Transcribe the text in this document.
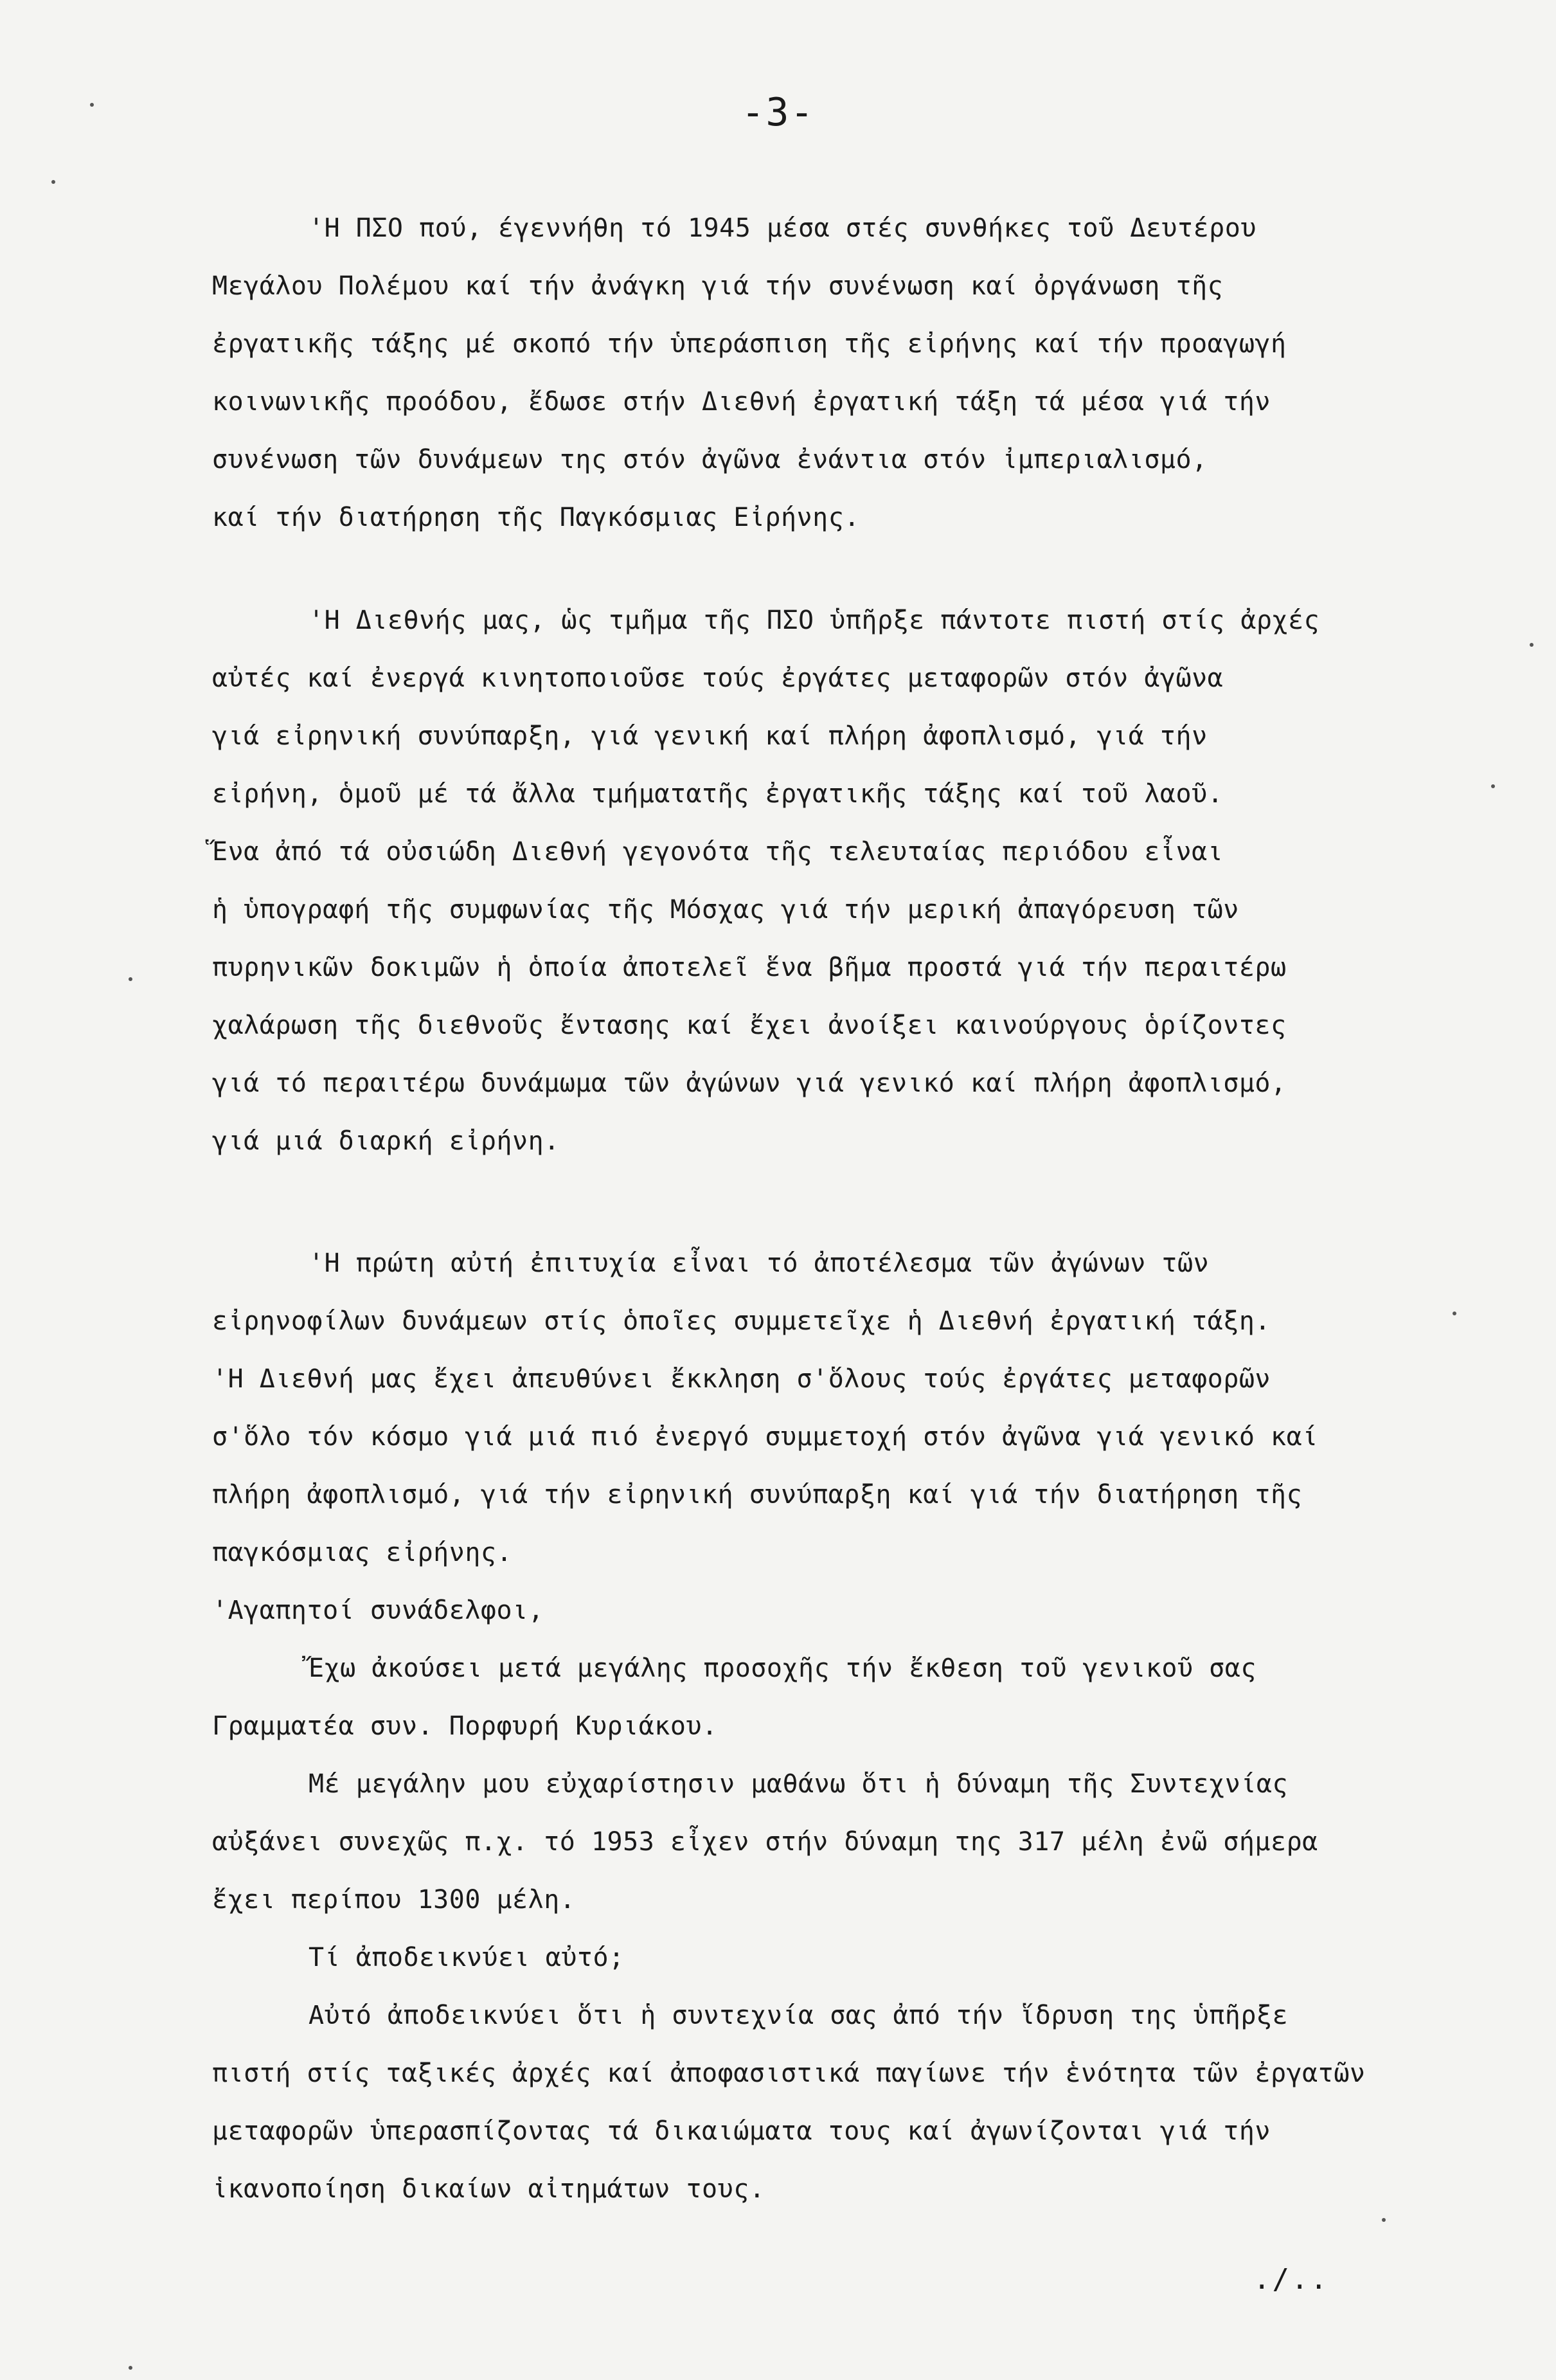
-3-

'Η ΠΣΟ πού, έγεννήθη τό 1945 μέσα στές συνθήκες τοῦ Δευτέρου

Μεγάλου Πολέμου καί τήν ἀνάγκη γιά τήν συνένωση καί ὀργάνωση τῆς

ἐργατικῆς τάξης μέ σκοπό τήν ὑπεράσπιση τῆς εἰρήνης καί τήν προαγωγή

κοινωνικῆς προόδου, ἔδωσε στήν Διεθνή ἐργατική τάξη τά μέσα γιά τήν

συνένωση τῶν δυνάμεων της στόν ἀγῶνα ἐνάντια στόν ἰμπεριαλισμό,

καί τήν διατήρηση τῆς Παγκόσμιας Εἰρήνης.

'Η Διεθνής μας, ὡς τμῆμα τῆς ΠΣΟ ὑπῆρξε πάντοτε πιστή στίς ἀρχές

αὐτές καί ἐνεργά κινητοποιοῦσε τούς ἐργάτες μεταφορῶν στόν ἀγῶνα

γιά εἰρηνική συνύπαρξη, γιά γενική καί πλήρη ἀφοπλισμό, γιά τήν

εἰρήνη, ὁμοῦ μέ τά ἄλλα τμήματατῆς ἐργατικῆς τάξης καί τοῦ λαοῦ.

Ἕνα ἀπό τά οὐσιώδη Διεθνή γεγονότα τῆς τελευταίας περιόδου εἶναι

ἡ ὑπογραφή τῆς συμφωνίας τῆς Μόσχας γιά τήν μερική ἀπαγόρευση τῶν

πυρηνικῶν δοκιμῶν ἡ ὁποία ἀποτελεῖ ἕνα βῆμα προστά γιά τήν περαιτέρω

χαλάρωση τῆς διεθνοῦς ἔντασης καί ἔχει ἀνοίξει καινούργους ὁρίζοντες

γιά τό περαιτέρω δυνάμωμα τῶν ἀγώνων γιά γενικό καί πλήρη ἀφοπλισμό,

γιά μιά διαρκή εἰρήνη.

'Η πρώτη αὐτή ἐπιτυχία εἶναι τό ἀποτέλεσμα τῶν ἀγώνων τῶν

εἰρηνοφίλων δυνάμεων στίς ὁποῖες συμμετεῖχε ἡ Διεθνή ἐργατική τάξη.

'Η Διεθνή μας ἔχει ἀπευθύνει ἔκκληση σ'ὅλους τούς ἐργάτες μεταφορῶν

σ'ὅλο τόν κόσμο γιά μιά πιό ἐνεργό συμμετοχή στόν ἀγῶνα γιά γενικό καί

πλήρη ἀφοπλισμό, γιά τήν εἰρηνική συνύπαρξη καί γιά τήν διατήρηση τῆς

παγκόσμιας εἰρήνης.

'Αγαπητοί συνάδελφοι,

Ἔχω ἀκούσει μετά μεγάλης προσοχῆς τήν ἔκθεση τοῦ γενικοῦ σας

Γραμματέα συν. Πορφυρή Κυριάκου.

Μέ μεγάλην μου εὐχαρίστησιν μαθάνω ὅτι ἡ δύναμη τῆς Συντεχνίας

αὐξάνει συνεχῶς π.χ. τό 1953 εἶχεν στήν δύναμη της 317 μέλη ἐνῶ σήμερα

ἔχει περίπου 1300 μέλη.

Τί ἀποδεικνύει αὐτό;

Αὐτό ἀποδεικνύει ὅτι ἡ συντεχνία σας ἀπό τήν ἵδρυση της ὑπῆρξε

πιστή στίς ταξικές ἀρχές καί ἀποφασιστικά παγίωνε τήν ἑνότητα τῶν ἐργατῶν

μεταφορῶν ὑπερασπίζοντας τά δικαιώματα τους καί ἀγωνίζονται γιά τήν

ἱκανοποίηση δικαίων αἰτημάτων τους.

./..
